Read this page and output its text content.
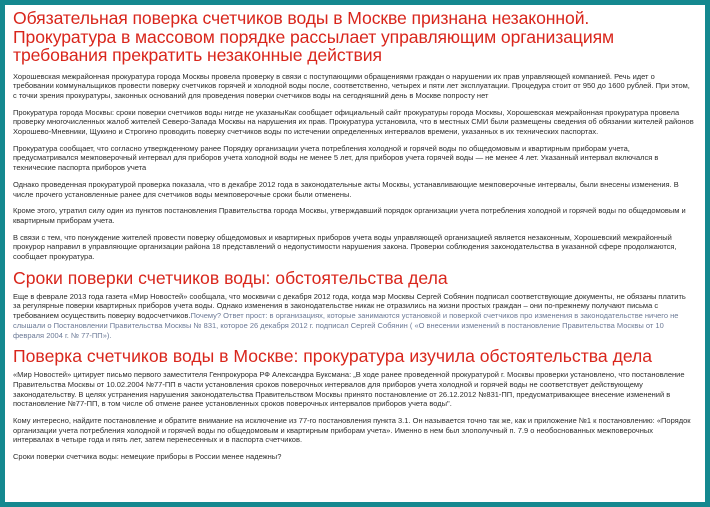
Обязательная поверка счетчиков воды в Москве признана незаконной. Прокуратура в массовом порядке рассылает управляющим организациям требования прекратить незаконные действия

Хорошевская межрайонная прокуратура города Москвы провела проверку в связи с поступающими обращениями граждан о нарушении их прав управляющей компанией. Речь идет о требовании коммунальщиков провести поверку счетчиков горячей и холодной воды после, соответственно, четырех и пяти лет эксплуатации. Процедура стоит от 950 до 1600 рублей. При этом, с точки зрения прокуратуры, законных оснований для проведения поверки счетчиков воды на сегодняшний день в Москве попросту нет

Прокуратура города Москвы: сроки поверки счетчиков воды нигде не указаныКак сообщает официальный сайт прокуратуры города Москвы, Хорошевская межрайонная прокуратура провела проверку многочисленных жалоб жителей Северо-Запада Москвы на нарушения их прав. Прокуратура установила, что в местных СМИ были размещены сведения об обязании жителей районов Хорошево-Мневники, Щукино и Строгино проводить поверку счетчиков воды по истечении определенных интервалов времени, указанных в их технических паспортах.

Прокуратура сообщает, что согласно утвержденному ранее Порядку организации учета потребления холодной и горячей воды по общедомовым и квартирным приборам учета, предусматривался межповерочный интервал для приборов учета холодной воды не менее 5 лет, для приборов учета горячей воды — не менее 4 лет. Указанный интервал включался в технические паспорта приборов учета

Однако проведенная прокуратурой проверка показала, что в декабре 2012 года в законодательные акты Москвы, устанавливающие межповерочные интервалы, были внесены изменения. В числе прочего установленные ранее для счетчиков воды межповерочные сроки были отменены.

Кроме этого, утратил силу один из пунктов постановления Правительства города Москвы, утверждавший порядок организации учета потребления холодной и горячей воды по общедомовым и квартирным приборам учета.

В связи с тем, что понуждение жителей провести поверку общедомовых и квартирных приборов учета воды управляющей организацией является незаконным, Хорошевский межрайонный прокурор направил в управляющие организации района 18 представлений о недопустимости нарушения закона. Проверки соблюдения законодательства в указанной сфере продолжаются, сообщает прокуратура.

Сроки поверки счетчиков воды: обстоятельства дела

Еще в феврале 2013 года газета «Мир Новостей» сообщала, что москвичи с декабря 2012 года, когда мэр Москвы Сергей Собянин подписал соответствующие документы, не обязаны платить за регулярные поверки квартирных приборов учета воды. Однако изменения в законодательстве никак не отразились на жизни простых граждан – они по-прежнему получают письма с требованием осуществить поверку водосчетчиков.Почему? Ответ прост: в организациях, которые занимаются установкой и поверкой счетчиков про изменения в законодательстве ничего не слышали о Постановлении Правительства Москвы № 831, которое 26 декабря 2012 г. подписал Сергей Собянин ( «О внесении изменений в постановление Правительства Москвы от 10 февраля 2004 г. № 77-ПП»).

Поверка счетчиков воды в Москве: прокуратура изучила обстоятельства дела

«Мир Новостей» цитирует письмо первого заместителя Генпрокурора РФ Александра Буксмана: „В ходе ранее проведенной прокуратурой г. Москвы проверки установлено, что постановление Правительства Москвы от 10.02.2004 №77-ПП в части установления сроков поверочных интервалов для приборов учета холодной и горячей воды не соответствует действующему законодательству. В целях устранения нарушения законодательства Правительством Москвы принято постановление от 26.12.2012 №831-ПП, предусматривающее внесение изменений в постановление №77-ПП, в том числе об отмене ранее установленных сроков поверочных интервалов приборов учета воды".

Кому интересно, найдите постановление и обратите внимание на исключение из 77-го постановления пункта 3.1. Он называется точно так же, как и приложение №1 к постановлению: «Порядок организации учета потребления холодной и горячей воды по общедомовым и квартирным приборам учета». Именно в нем был злополучный п. 7.9 о необоснованных межповерочных интервалах в четыре года и пять лет, затем перенесенных и в паспорта счетчиков.

Сроки поверки счетчика воды: немецкие приборы в России менее надежны?
